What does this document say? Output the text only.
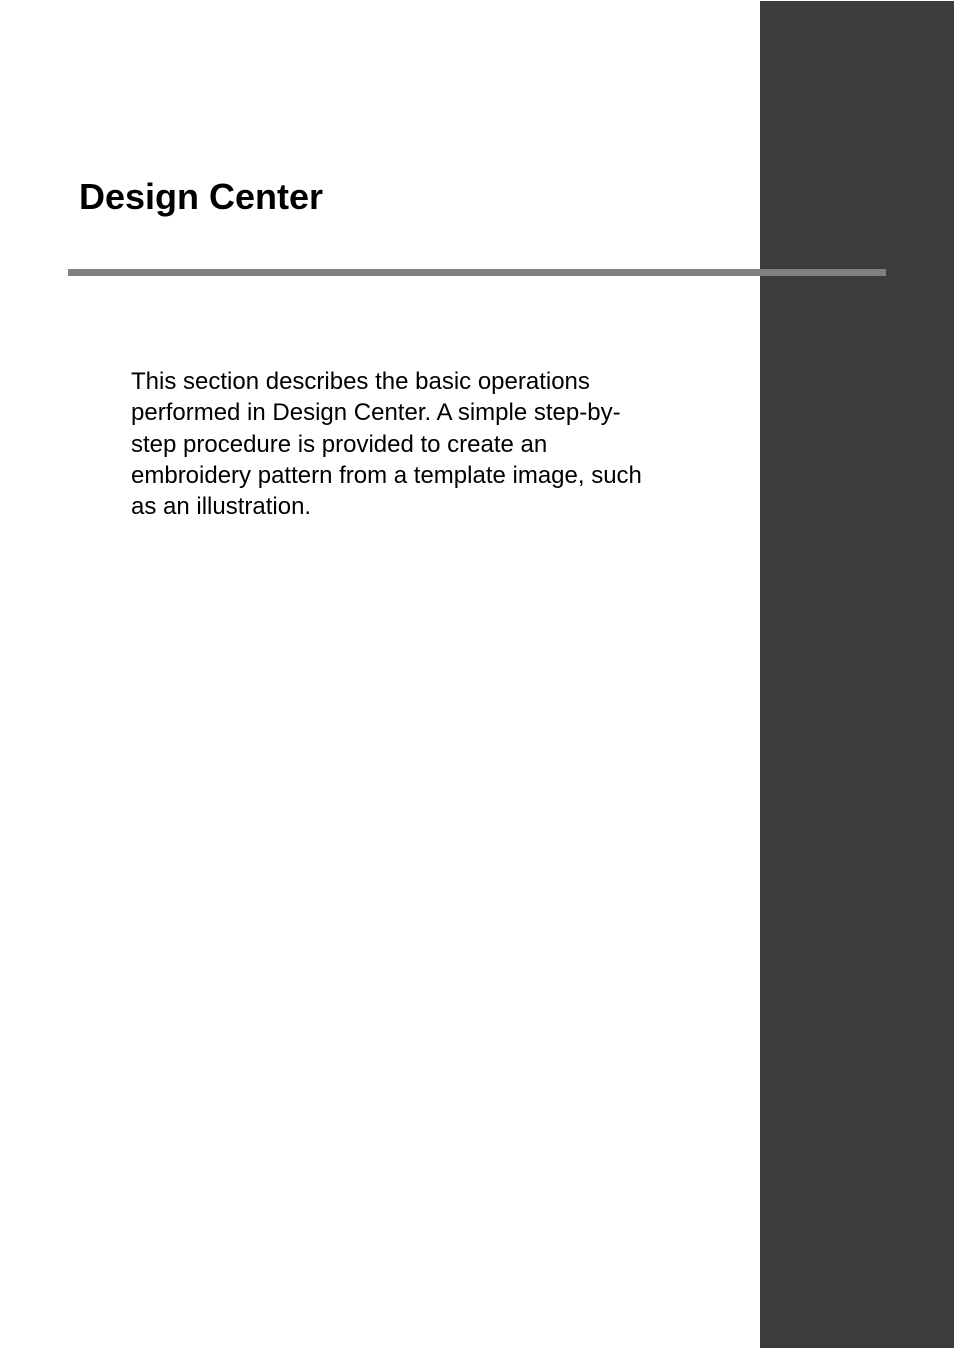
Design Center

This section describes the basic operations
performed in Design Center. A simple step-by-
step procedure is provided to create an
embroidery pattern from a template image, such
as an illustration.
